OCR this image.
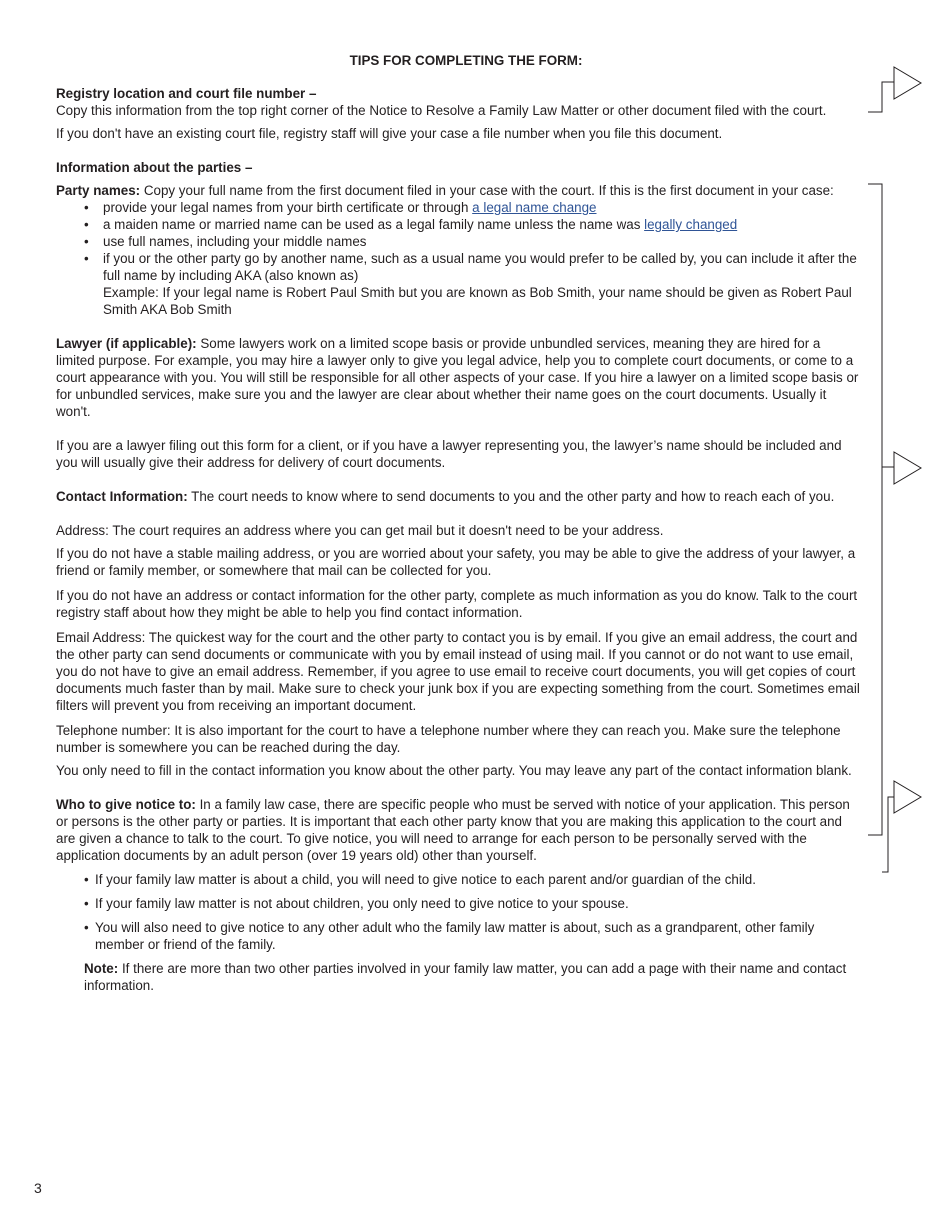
TIPS FOR COMPLETING THE FORM:
Registry location and court file number –

Copy this information from the top right corner of the Notice to Resolve a Family Law Matter or other document filed with the court.

If you don't have an existing court file, registry staff will give your case a file number when you file this document.

Information about the parties –

Party names: Copy your full name from the first document filed in your case with the court. If this is the first document in your case:

• provide your legal names from your birth certificate or through a legal name change
• a maiden name or married name can be used as a legal family name unless the name was legally changed
• use full names, including your middle names
• if you or the other party go by another name, such as a usual name you would prefer to be called by, you can include it after the full name by including AKA (also known as)
Example: If your legal name is Robert Paul Smith but you are known as Bob Smith, your name should be given as Robert Paul Smith AKA Bob Smith

Lawyer (if applicable): Some lawyers work on a limited scope basis or provide unbundled services, meaning they are hired for a limited purpose. For example, you may hire a lawyer only to give you legal advice, help you to complete court documents, or come to a court appearance with you. You will still be responsible for all other aspects of your case. If you hire a lawyer on a limited scope basis or for unbundled services, make sure you and the lawyer are clear about whether their name goes on the court documents. Usually it won't.

If you are a lawyer filing out this form for a client, or if you have a lawyer representing you, the lawyer’s name should be included and you will usually give their address for delivery of court documents.

Contact Information: The court needs to know where to send documents to you and the other party and how to reach each of you.

Address: The court requires an address where you can get mail but it doesn't need to be your address.

If you do not have a stable mailing address, or you are worried about your safety, you may be able to give the address of your lawyer, a friend or family member, or somewhere that mail can be collected for you.

If you do not have an address or contact information for the other party, complete as much information as you do know. Talk to the court registry staff about how they might be able to help you find contact information.

Email Address: The quickest way for the court and the other party to contact you is by email. If you give an email address, the court and the other party can send documents or communicate with you by email instead of using mail. If you cannot or do not want to use email, you do not have to give an email address. Remember, if you agree to use email to receive court documents, you will get copies of court documents much faster than by mail. Make sure to check your junk box if you are expecting something from the court. Sometimes email filters will prevent you from receiving an important document.

Telephone number: It is also important for the court to have a telephone number where they can reach you. Make sure the telephone number is somewhere you can be reached during the day.

You only need to fill in the contact information you know about the other party. You may leave any part of the contact information blank.

Who to give notice to: In a family law case, there are specific people who must be served with notice of your application. This person or persons is the other party or parties. It is important that each other party know that you are making this application to the court and are given a chance to talk to the court. To give notice, you will need to arrange for each person to be personally served with the application documents by an adult person (over 19 years old) other than yourself.

• If your family law matter is about a child, you will need to give notice to each parent and/or guardian of the child.
• If your family law matter is not about children, you only need to give notice to your spouse.
• You will also need to give notice to any other adult who the family law matter is about, such as a grandparent, other family member or friend of the family.

Note: If there are more than two other parties involved in your family law matter, you can add a page with their name and contact information.

3
